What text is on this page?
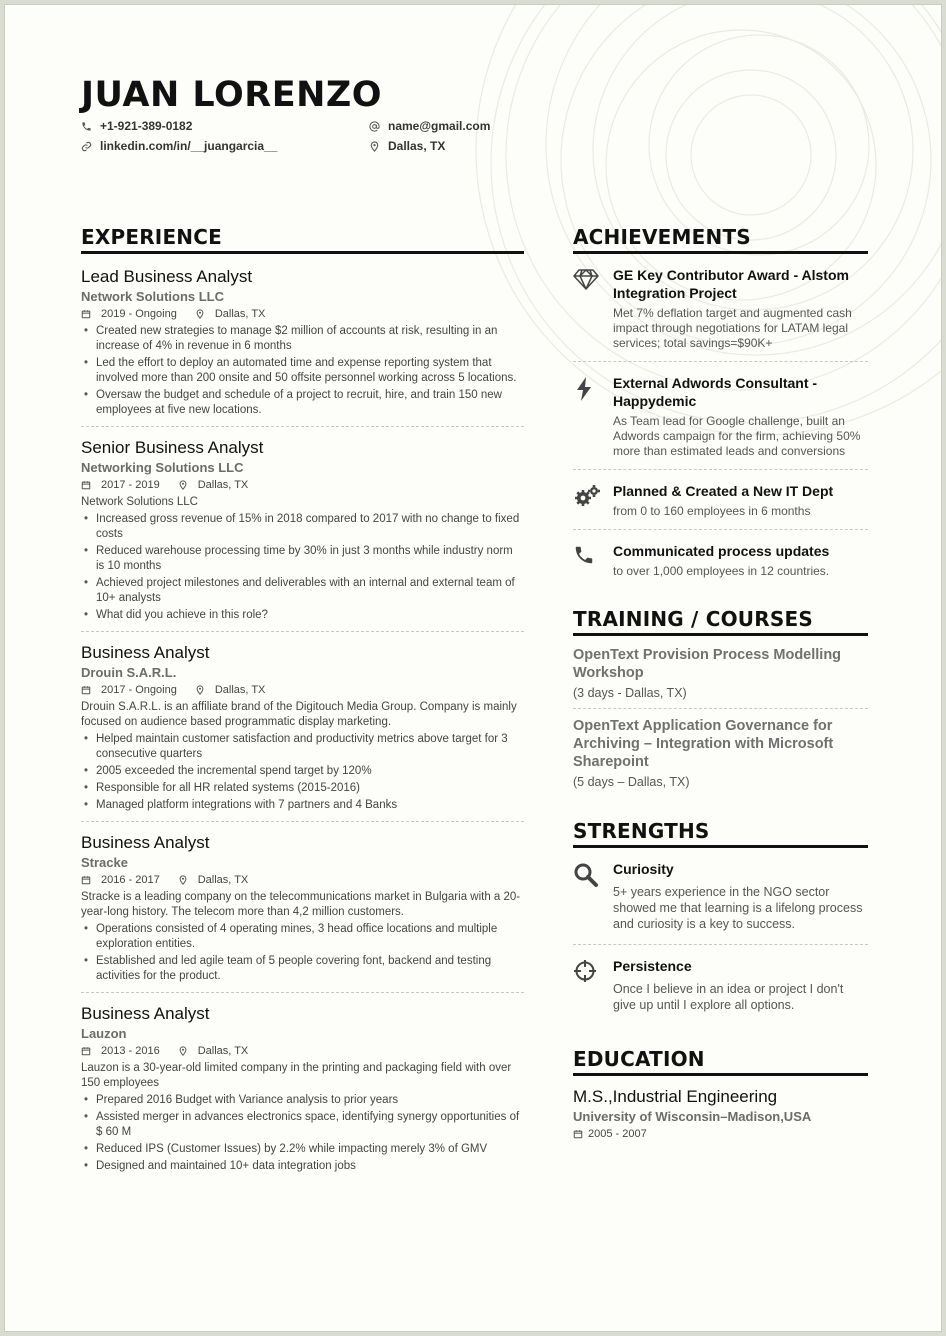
JUAN LORENZO
+1-921-389-0182
linkedin.com/in/__juangarcia__
name@gmail.com
Dallas, TX
EXPERIENCE
Lead Business Analyst
Network Solutions LLC
2019 - Ongoing	Dallas, TX
• Created new strategies to manage $2 million of accounts at risk, resulting in an increase of 4% in revenue in 6 months
• Led the effort to deploy an automated time and expense reporting system that involved more than 200 onsite and 50 offsite personnel working across 5 locations.
• Oversaw the budget and schedule of a project to recruit, hire, and train 150 new employees at five new locations.
Senior Business Analyst
Networking Solutions LLC
2017 - 2019	Dallas, TX
Network Solutions LLC
• Increased gross revenue of 15% in 2018 compared to 2017 with no change to fixed costs
• Reduced warehouse processing time by 30% in just 3 months while industry norm is 10 months
• Achieved project milestones and deliverables with an internal and external team of 10+ analysts
• What did you achieve in this role?
Business Analyst
Drouin S.A.R.L.
2017 - Ongoing	Dallas, TX
Drouin S.A.R.L. is an affiliate brand of the Digitouch Media Group. Company is mainly focused on audience based programmatic display marketing.
• Helped maintain customer satisfaction and productivity metrics above target for 3 consecutive quarters
• 2005 exceeded the incremental spend target by 120%
• Responsible for all HR related systems (2015-2016)
• Managed platform integrations with 7 partners and 4 Banks
Business Analyst
Stracke
2016 - 2017	Dallas, TX
Stracke is a leading company on the telecommunications market in Bulgaria with a 20-year-long history. The telecom more than 4,2 million customers.
• Operations consisted of 4 operating mines, 3 head office locations and multiple exploration entities.
• Established and led agile team of 5 people covering font, backend and testing activities for the product.
Business Analyst
Lauzon
2013 - 2016	Dallas, TX
Lauzon is a 30-year-old limited company in the printing and packaging field with over 150 employees
• Prepared 2016 Budget with Variance analysis to prior years
• Assisted merger in advances electronics space, identifying synergy opportunities of $ 60 M
• Reduced IPS (Customer Issues) by 2.2% while impacting merely 3% of GMV
• Designed and maintained 10+ data integration jobs
ACHIEVEMENTS
GE Key Contributor Award - Alstom Integration Project
Met 7% deflation target and augmented cash impact through negotiations for LATAM legal services; total savings=$90K+
External Adwords Consultant - Happydemic
As Team lead for Google challenge, built an Adwords campaign for the firm, achieving 50% more than estimated leads and conversions
Planned & Created a New IT Dept
from 0 to 160 employees in 6 months
Communicated process updates
to over 1,000 employees in 12 countries.
TRAINING / COURSES
OpenText Provision Process Modelling Workshop
(3 days - Dallas, TX)
OpenText Application Governance for Archiving – Integration with Microsoft Sharepoint
(5 days – Dallas, TX)
STRENGTHS
Curiosity
5+ years experience in the NGO sector showed me that learning is a lifelong process and curiosity is a key to success.
Persistence
Once I believe in an idea or project I don't give up until I explore all options.
EDUCATION
M.S.,Industrial Engineering
University of Wisconsin–Madison,USA
2005 - 2007
